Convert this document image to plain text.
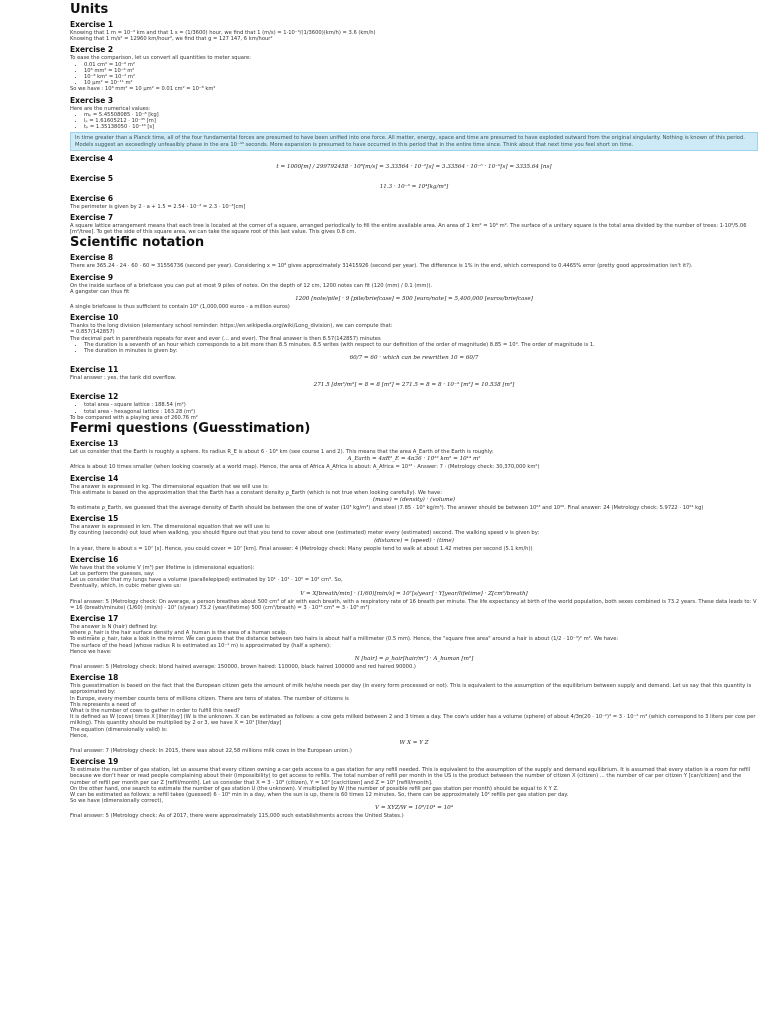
Units
Exercise 1
Knowing that 1 m = 10⁻³ km and that 1 s = (1/3600) hour, we find that 1 (m/s) = 1·10⁻³/(1/3600)(km/h) = 3.6 (km/h)
Knowing that 1 m/s² = 12960 km/hour², we find that g = 127 147, 6 km/hour²
Exercise 2
To ease the comparison, let us convert all quantities to meter square:
• 0.01 cm² = 10⁻⁶ m²
• 10⁶ mm² = 10⁻⁶ m²
• 10⁻⁸ km² = 10⁻² m²
• 10 μm² = 10⁻¹¹ m²
So we have : 10⁶ mm² = 10 μm² = 0.01 cm² = 10⁻⁸ km²
Exercise 3
Here are the numerical values:
• mₚ = 5.45508085 · 10⁻⁸ [kg]
• lₚ = 1.61605212 · 10⁻³⁵ [m]
• tₚ = 1.35138050 · 10⁻⁴³ [s]
In time greater than a Planck time, all of the four fundamental forces are presumed to have been unified into one force. All matter, energy, space and time are presumed to have exploded outward from the original singularity. Nothing is known of this period. Models suggest an exceedingly unfeasibly phase in the era 10⁻⁴³ seconds. More expansion is presumed to have occurred in this period that in the entire time since. Think about that next time you feel short on time.
Exercise 4
t = 1000[m] / 299792458 · 10⁸[m/s] = 3.33564 · 10⁻⁶[s] = 3.33564 · 10⁻⁶ · 10⁻⁹[s] = 3335.64 [ns]
Exercise 5
11.3 · 10⁻³ = 10⁴[kg/m³]
Exercise 6
The perimeter is given by 2 · a + 1.5 = 2.54 · 10⁻³ = 2.3 · 10⁻³[cm]
Exercise 7
A square lattice arrangement means that each tree is located at the corner of a square, arranged periodically to fill the entire available area. An area of 1 km² = 10⁶ m². The surface of a unitary square is the total area divided by the number of trees: 1·10⁶/5.06 [m²/tree]. To get the side of this square area, we can take the square root of this last value. This gives 0.8 cm.
Scientific notation
Exercise 8
There are 365.24 · 24 · 60 · 60 = 31556736 (second per year). Considering x = 10⁸ gives approximately 31415926 (second per year). The difference is 1% in the end, which correspond to 0.4465% error (pretty good approximation isn't it?).
Exercise 9
On the inside surface of a briefcase you can put at most 9 piles of notes. On the depth of 12 cm, 1200 notes can fit (120 (mm) / 0.1 (mm)).
A gangster can thus fit
1200 [note/pile] · 9 [pile/briefcase] = 500 [euro/note] = 5,400,000 [euros/briefcase]
A single briefcase is thus sufficient to contain 10⁶ (1,000,000 euros - a million euros)
Exercise 10
Thanks to the long division (elementary school reminder: https://en.wikipedia.org/wiki/Long_division), we can compute that:
= 0.857(142857)
The decimal part in parenthesis repeats for ever and ever (... and ever). The final answer is then 8.57(142857) minutes
• The duration is a seventh of an hour which corresponds to a bit more than 8.5 minutes. 8.5 writes (with respect to our definition of the order of magnitude) 8.85 = 10⁰. The order of magnitude is 1.
• The duration in minutes is given by:
60/7 = 60 · which can be rewritten 10 = 60/7
Exercise 11
Final answer : yes, the tank did overflow.
271.5 [dm³/m³] = 8 = 8 [m³] = 271.5 = 8 = 8 · 10⁻³ [m³] = 10.538 [m³]
Exercise 12
• total area - square lattice : 188.54 (m²)
• total area - hexagonal lattice : 163.28 (m²)
To be compared with a playing area of 260.76 m²
Fermi questions (Guesstimation)
Exercise 13
Let us consider that the Earth is roughly a sphere. Its radius R_E is about 6 · 10⁶ km (see course 1 and 2). This means that the area A_Earth of the Earth is roughly:
A_Earth = 4πR²_E = 4π36 · 10¹² km² = 10¹⁴ m²
Africa is about 10 times smaller (when looking coarsely at a world map). Hence, the area of Africa A_Africa is about: A_Africa = 10¹³ · Answer: 7 · (Metrology check: 30,370,000 km²)
Exercise 14
The answer is expressed in kg. The dimensional equation that we will use is:
This estimate is based on the approximation that the Earth has a constant density ρ_Earth (which is not true when looking carefully). We have:
(mass) = (density) · (volume)
To estimate ρ_Earth, we guessed that the average density of Earth should be between the one of water (10³ kg/m³) and steel (7.85 · 10³ kg/m³). The answer should be between 10²³ and 10²⁶. Final answer: 24 (Metrology check: 5.9722 · 10²⁴ kg)
Exercise 15
The answer is expressed in km. The dimensional equation that we will use is:
By counting (seconds) out loud when walking, you should figure out that you tend to cover about one (estimated) meter every (estimated) second. The walking speed v is given by:
(distance) = (speed) · (time)
In a year, there is about s = 10⁷ [s]. Hence, you could cover = 10⁷ [km]. Final answer: 4 (Metrology check: Many people tend to walk at about 1.42 metres per second (5.1 km/h))
Exercise 16
We have that the volume V (m³) per lifetime is (dimensional equation):
Let us perform the guesses, say:
Let us consider that my lungs have a volume (parallelepiped) estimated by 10¹ · 10¹ · 10⁰ = 10² cm³. So,
Eventually, which, in cubic meter gives us:
V = X[breath/min] · (1/60)[min/s] = 10⁷[s/year] · Y[year/lifetime] · Z[cm³/breath]
Final answer: 5 (Metrology check: On average, a person breathes about 500 cm³ of air with each breath, with a respiratory rate of 16 breath per minute. The life expectancy at birth of the world population, both sexes combined is 73.2 years. These data leads to: V = 16 (breath/minute) (1/60) (min/s) · 10⁷ (s/year) 73.2 (year/lifetime) 500 (cm³/breath) = 3 · 10¹³ cm³ = 3 · 10⁵ m³)
Exercise 17
The answer is N (hair) defined by:
where ρ_hair is the hair surface density and A_human is the area of a human scalp.
To estimate ρ_hair, take a look in the mirror. We can guess that the distance between two hairs is about half a millimeter (0.5 mm). Hence, the "square free area" around a hair is about (1/2 · 10⁻³)² m². We have:
The surface of the head (whose radius R is estimated as 10⁻¹ m) is approximated by (half a sphere):
Hence we have:
N [hair] = ρ_hair[hair/m²] · A_human [m²]
Final answer: 5 (Metrology check: blond haired average: 150000, brown haired: 110000, black haired 100000 and red haired 90000.)
Exercise 18
This guesstimation is based on the fact that the European citizen gets the amount of milk he/she needs per day (in every form processed or not). This is equivalent to the assumption of the equilibrium between supply and demand. Let us say that this quantity is approximated by:
In Europe, every member counts tens of millions citizen. There are tens of states. The number of citizens is
This represents a need of
What is the number of cows to gather in order to fulfill this need?
It is defined as W (cows) times X [liter/day] (W is the unknown. X can be estimated as follows: a cow gets milked between 2 and 3 times a day. The cow's udder has a volume (sphere) of about 4/3π(20 · 10⁻²)³ = 3 · 10⁻² m³ (which correspond to 3 liters per cow per milking). This quantity should be multiplied by 2 or 3, we have X = 10¹ [liter/day]
The equation (dimensionally valid) is:
Hence,
W X = Y Z
Final answer: 7 (Metrology check: In 2015, there was about 22,58 millions milk cows in the European union.)
Exercise 19
To estimate the number of gas station, let us assume that every citizen owning a car gets access to a gas station for any refill needed. This is equivalent to the assumption of the supply and demand equilibrium. It is assumed that every station is a room for refill because we don't hear or read people complaining about their (impossibility) to get access to refills. The total number of refill per month in the US is the product between the number of citizen X (citizen) ... the number of car per citizen Y [car/citizen] and the number of refill per month per car Z [refill/month]. Let us consider that X = 3 · 10⁸ (citizen), Y = 10⁰ [car/citizen] and Z = 10⁰ [refill/month].
On the other hand, one search to estimate the number of gas station U (the unknown). V multiplied by W (the number of possible refill per gas station per month) should be equal to X Y Z.
W can be estimated as follows: a refill takes (guessed) 6 · 10⁰ min in a day, when the sun is up, there is 60 times 12 minutes. So, there can be approximately 10² refills per gas station per day.
So we have (dimensionally correct),
V = XYZ/W = 10⁸/10⁴ = 10⁴
Final answer: 5 (Metrology check: As of 2017, there were approximately 115,000 such establishments across the United States.)
